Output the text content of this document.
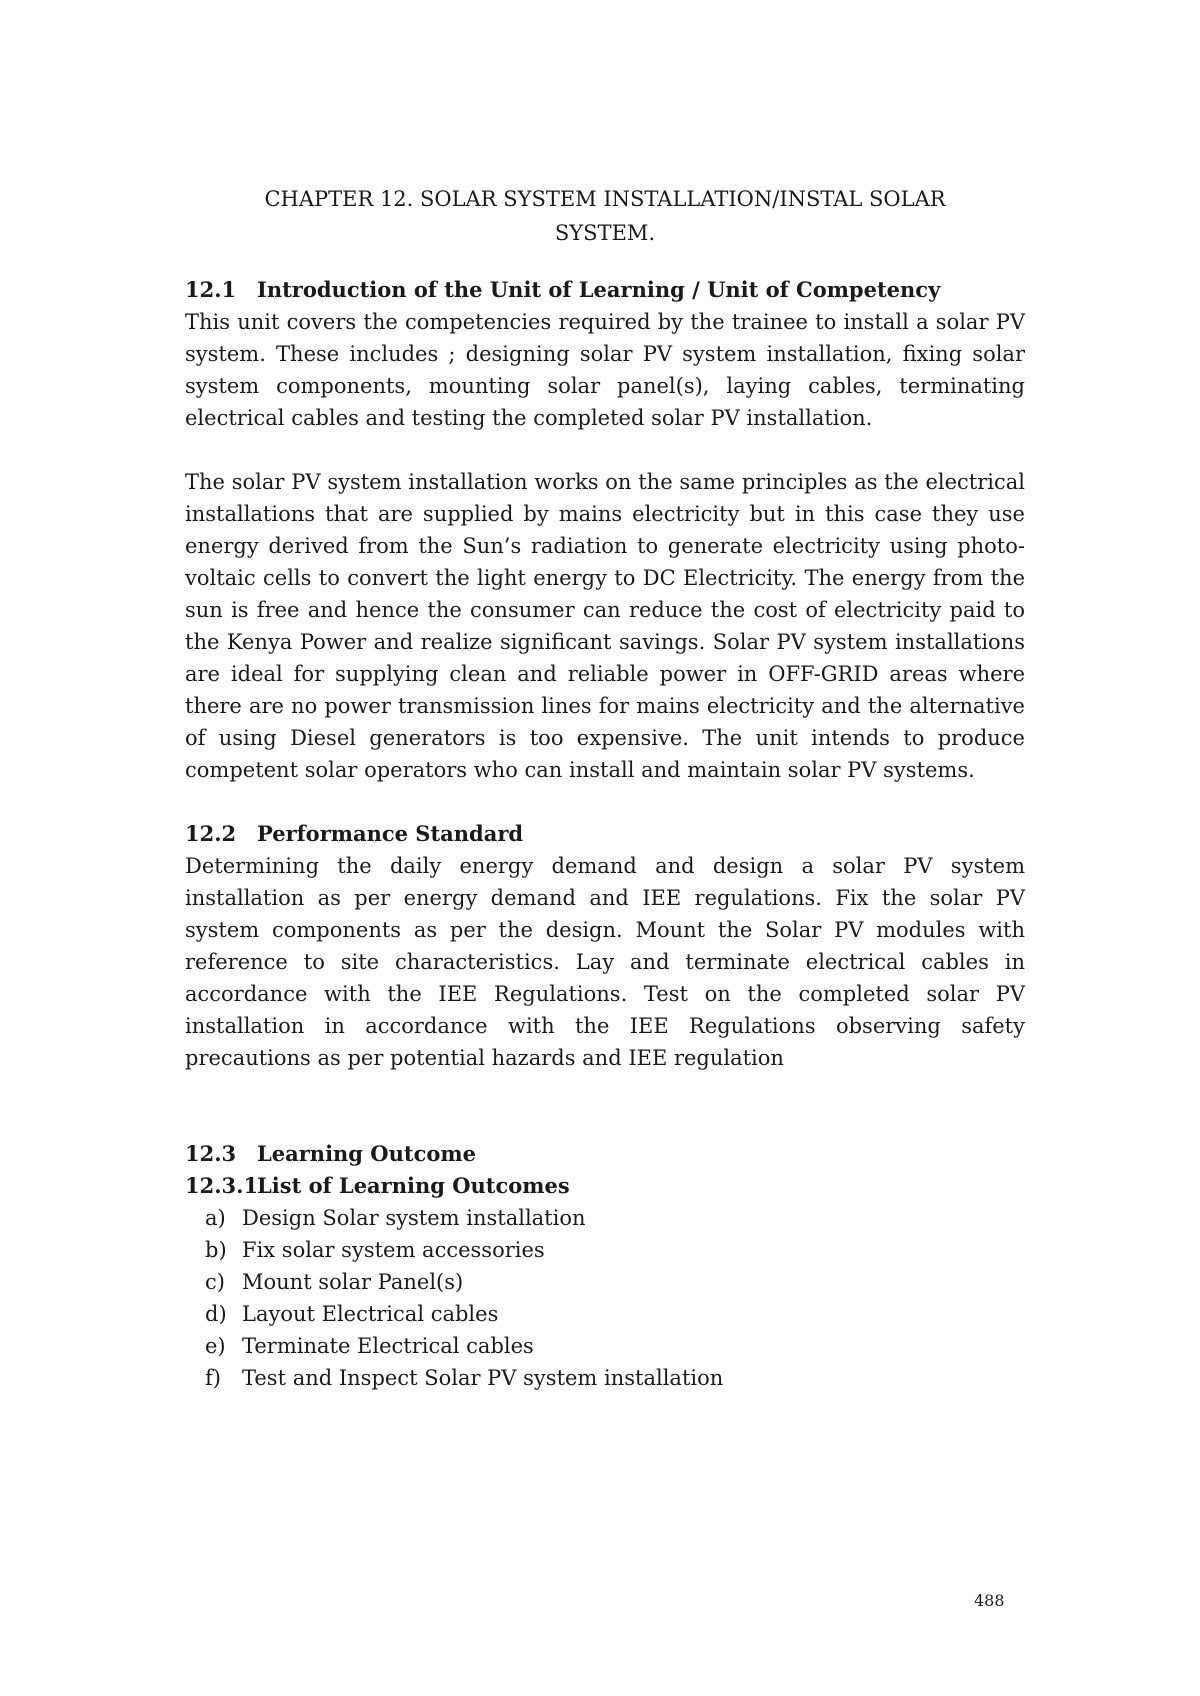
CHAPTER 12. SOLAR SYSTEM INSTALLATION/INSTAL SOLAR
SYSTEM.
12.1 Introduction of the Unit of Learning / Unit of Competency

This unit covers the competencies required by the trainee to install a solar PV system. These includes ; designing solar PV system installation, fixing solar system components, mounting solar panel(s), laying cables, terminating electrical cables and testing the completed solar PV installation.

The solar PV system installation works on the same principles as the electrical installations that are supplied by mains electricity but in this case they use energy derived from the Sun’s radiation to generate electricity using photo-voltaic cells to convert the light energy to DC Electricity. The energy from the sun is free and hence the consumer can reduce the cost of electricity paid to the Kenya Power and realize significant savings. Solar PV system installations are ideal for supplying clean and reliable power in OFF-GRID areas where there are no power transmission lines for mains electricity and the alternative of using Diesel generators is too expensive. The unit intends to produce competent solar operators who can install and maintain solar PV systems.

12.2 Performance Standard

Determining the daily energy demand and design a solar PV system installation as per energy demand and IEE regulations. Fix the solar PV system components as per the design. Mount the Solar PV modules with reference to site characteristics. Lay and terminate electrical cables in accordance with the IEE Regulations. Test on the completed solar PV installation in accordance with the IEE Regulations observing safety precautions as per potential hazards and IEE regulation

12.3 Learning Outcome
12.3.1
List of Learning Outcomes
a) Design Solar system installation
b) Fix solar system accessories
c) Mount solar Panel(s)
d) Layout Electrical cables
e) Terminate Electrical cables
f)	Test and Inspect Solar PV system installation
488
